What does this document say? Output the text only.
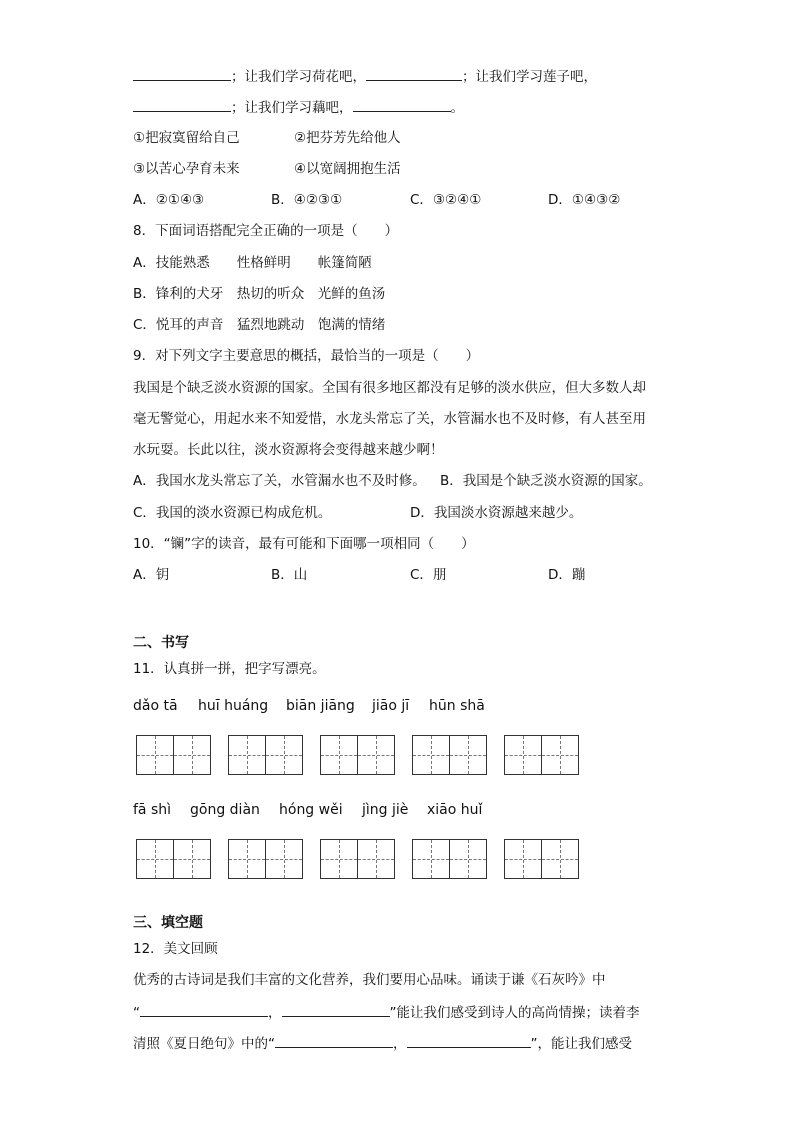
；让我们学习荷花吧，	；让我们学习莲子吧，
；让我们学习藕吧，	。
①把寂寞留给自己	②把芬芳先给他人
③以苦心孕育未来	④以宽阔拥抱生活
A．②①④③	B．④②③①	C．③②④①	D．①④③②
8．下面词语搭配完全正确的一项是（　　）
A．技能熟悉　　性格鲜明　　帐篷简陋
B．锋利的犬牙　热切的听众　光鲜的鱼汤
C．悦耳的声音　猛烈地跳动　饱满的情绪
9．对下列文字主要意思的概括，最恰当的一项是（　　）
我国是个缺乏淡水资源的国家。全国有很多地区都没有足够的淡水供应，但大多数人却
毫无警觉心，用起水来不知爱惜，水龙头常忘了关，水管漏水也不及时修，有人甚至用
水玩耍。长此以往，淡水资源将会变得越来越少啊！
A．我国水龙头常忘了关，水管漏水也不及时修。 B．我国是个缺乏淡水资源的国家。
C．我国的淡水资源已构成危机。	D．我国淡水资源越来越少。
10．“镧”字的读音，最有可能和下面哪一项相同（　　）
A．钥	B．山	C．朋	D．蹦
二、书写
11．认真拼一拼，把字写漂亮。
dǎo tā huī huáng biān jiāng jiāo jī hūn shā
fā shì gōng diàn hóng wěi jìng jiè xiāo huǐ
三、填空题
12．美文回顾
优秀的古诗词是我们丰富的文化营养，我们要用心品味。诵读于谦《石灰吟》中
“	，	”能让我们感受到诗人的高尚情操；读着李
清照《夏日绝句》中的“	，	”，能让我们感受
